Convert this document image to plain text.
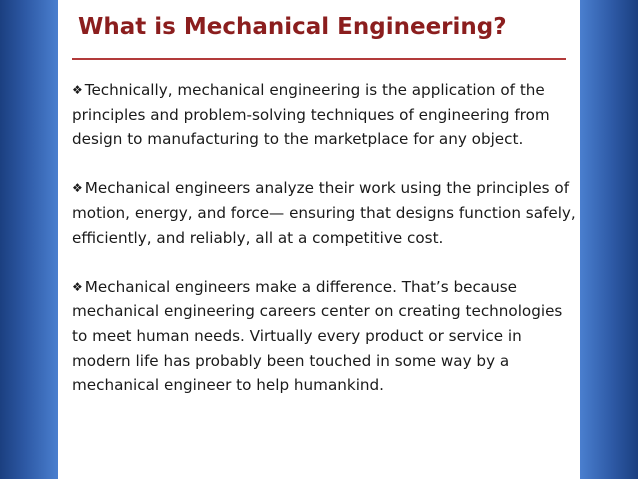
What is Mechanical Engineering?
❖ Technically, mechanical engineering is the application of the principles and problem-solving techniques of engineering from design to manufacturing to the marketplace for any object.
❖ Mechanical engineers analyze their work using the principles of motion, energy, and force— ensuring that designs function safely, efficiently, and reliably, all at a competitive cost.
❖ Mechanical engineers make a difference. That’s because mechanical engineering careers center on creating technologies to meet human needs. Virtually every product or service in modern life has probably been touched in some way by a mechanical engineer to help humankind.
